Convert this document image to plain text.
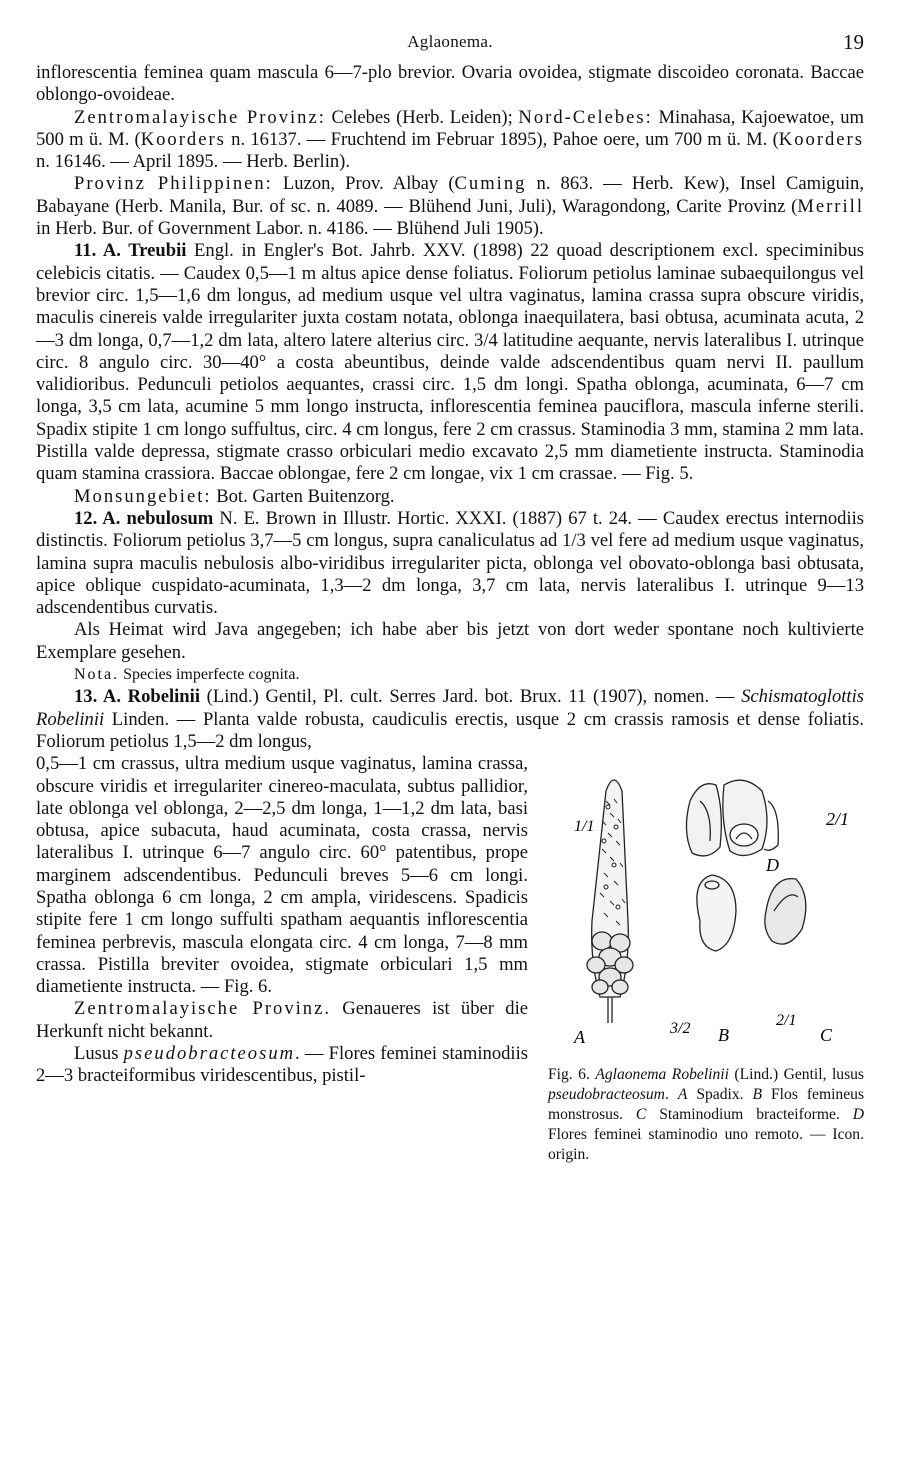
Aglaonema.	19

inflorescentia feminea quam mascula 6—7-plo brevior. Ovaria ovoidea, stigmate discoideo coronata. Baccae oblongo-ovoideae.

Zentromalayische Provinz: Celebes (Herb. Leiden); Nord-Celebes: Minahasa, Kajoewatoe, um 500 m ü. M. (Koorders n. 16137. — Fruchtend im Februar 1895), Pahoe oere, um 700 m ü. M. (Koorders n. 16146. — April 1895. — Herb. Berlin).

Provinz Philippinen: Luzon, Prov. Albay (Cuming n. 863. — Herb. Kew), Insel Camiguin, Babayane (Herb. Manila, Bur. of sc. n. 4089. — Blühend Juni, Juli), Waragondong, Carite Provinz (Merrill in Herb. Bur. of Government Labor. n. 4186. — Blühend Juli 1905).

11. A. Treubii Engl. in Engler's Bot. Jahrb. XXV. (1898) 22 quoad descriptionem excl. speciminibus celebicis citatis. — Caudex 0,5—1 m altus apice dense foliatus. Foliorum petiolus laminae subaequilongus vel brevior circ. 1,5—1,6 dm longus, ad medium usque vel ultra vaginatus, lamina crassa supra obscure viridis, maculis cinereis valde irregulariter juxta costam notata, oblonga inaequilatera, basi obtusa, acuminata acuta, 2—3 dm longa, 0,7—1,2 dm lata, altero latere alterius circ. 3/4 latitudine aequante, nervis lateralibus I. utrinque circ. 8 angulo circ. 30—40° a costa abeuntibus, deinde valde adscendentibus quam nervi II. paullum validioribus. Pedunculi petiolos aequantes, crassi circ. 1,5 dm longi. Spatha oblonga, acuminata, 6—7 cm longa, 3,5 cm lata, acumine 5 mm longo instructa, inflorescentia feminea pauciflora, mascula inferne sterili. Spadix stipite 1 cm longo suffultus, circ. 4 cm longus, fere 2 cm crassus. Staminodia 3 mm, stamina 2 mm lata. Pistilla valde depressa, stigmate crasso orbiculari medio excavato 2,5 mm diametiente instructa. Staminodia quam stamina crassiora. Baccae oblongae, fere 2 cm longae, vix 1 cm crassae. — Fig. 5.

Monsungebiet: Bot. Garten Buitenzorg.

12. A. nebulosum N. E. Brown in Illustr. Hortic. XXXI. (1887) 67 t. 24. — Caudex erectus internodiis distinctis. Foliorum petiolus 3,7—5 cm longus, supra canaliculatus ad 1/3 vel fere ad medium usque vaginatus, lamina supra maculis nebulosis albo-viridibus irregulariter picta, oblonga vel obovato-oblonga basi obtusata, apice oblique cuspidato-acuminata, 1,3—2 dm longa, 3,7 cm lata, nervis lateralibus I. utrinque 9—13 adscendentibus curvatis.

Als Heimat wird Java angegeben; ich habe aber bis jetzt von dort weder spontane noch kultivierte Exemplare gesehen.

Nota. Species imperfecte cognita.

13. A. Robelinii (Lind.) Gentil, Pl. cult. Serres Jard. bot. Brux. 11 (1907), nomen. — Schismatoglottis Robelinii Linden. — Planta valde robusta, caudiculis erectis, usque 2 cm crassis ramosis et dense foliatis. Foliorum petiolus 1,5—2 dm longus,

0,5—1 cm crassus, ultra medium usque vaginatus, lamina crassa, obscure viridis et irregulariter cinereo-maculata, subtus pallidior, late oblonga vel oblonga, 2—2,5 dm longa, 1—1,2 dm lata, basi obtusa, apice subacuta, haud acuminata, costa crassa, nervis lateralibus I. utrinque 6—7 angulo circ. 60° patentibus, prope marginem adscendentibus. Pedunculi breves 5—6 cm longi. Spatha oblonga 6 cm longa, 2 cm ampla, viridescens. Spadicis stipite fere 1 cm longo suffulti spatham aequantis inflorescentia feminea perbrevis, mascula elongata circ. 4 cm longa, 7—8 mm crassa. Pistilla breviter ovoidea, stigmate orbiculari 1,5 mm diametiente instructa. — Fig. 6.

Zentromalayische Provinz. Genaueres ist über die Herkunft nicht bekannt.

Lusus pseudobracteosum. — Flores feminei staminodiis 2—3 bracteiformibus viridescentibus, pistil-

1/1
A
D
2/1
3/2 B
2/1
C
Fig. 6. Aglaonema Robelinii (Lind.) Gentil, lusus pseudobracteosum. A Spadix. B Flos femineus monstrosus. C Staminodium bracteiforme. D Flores feminei staminodio uno remoto. — Icon. origin.
